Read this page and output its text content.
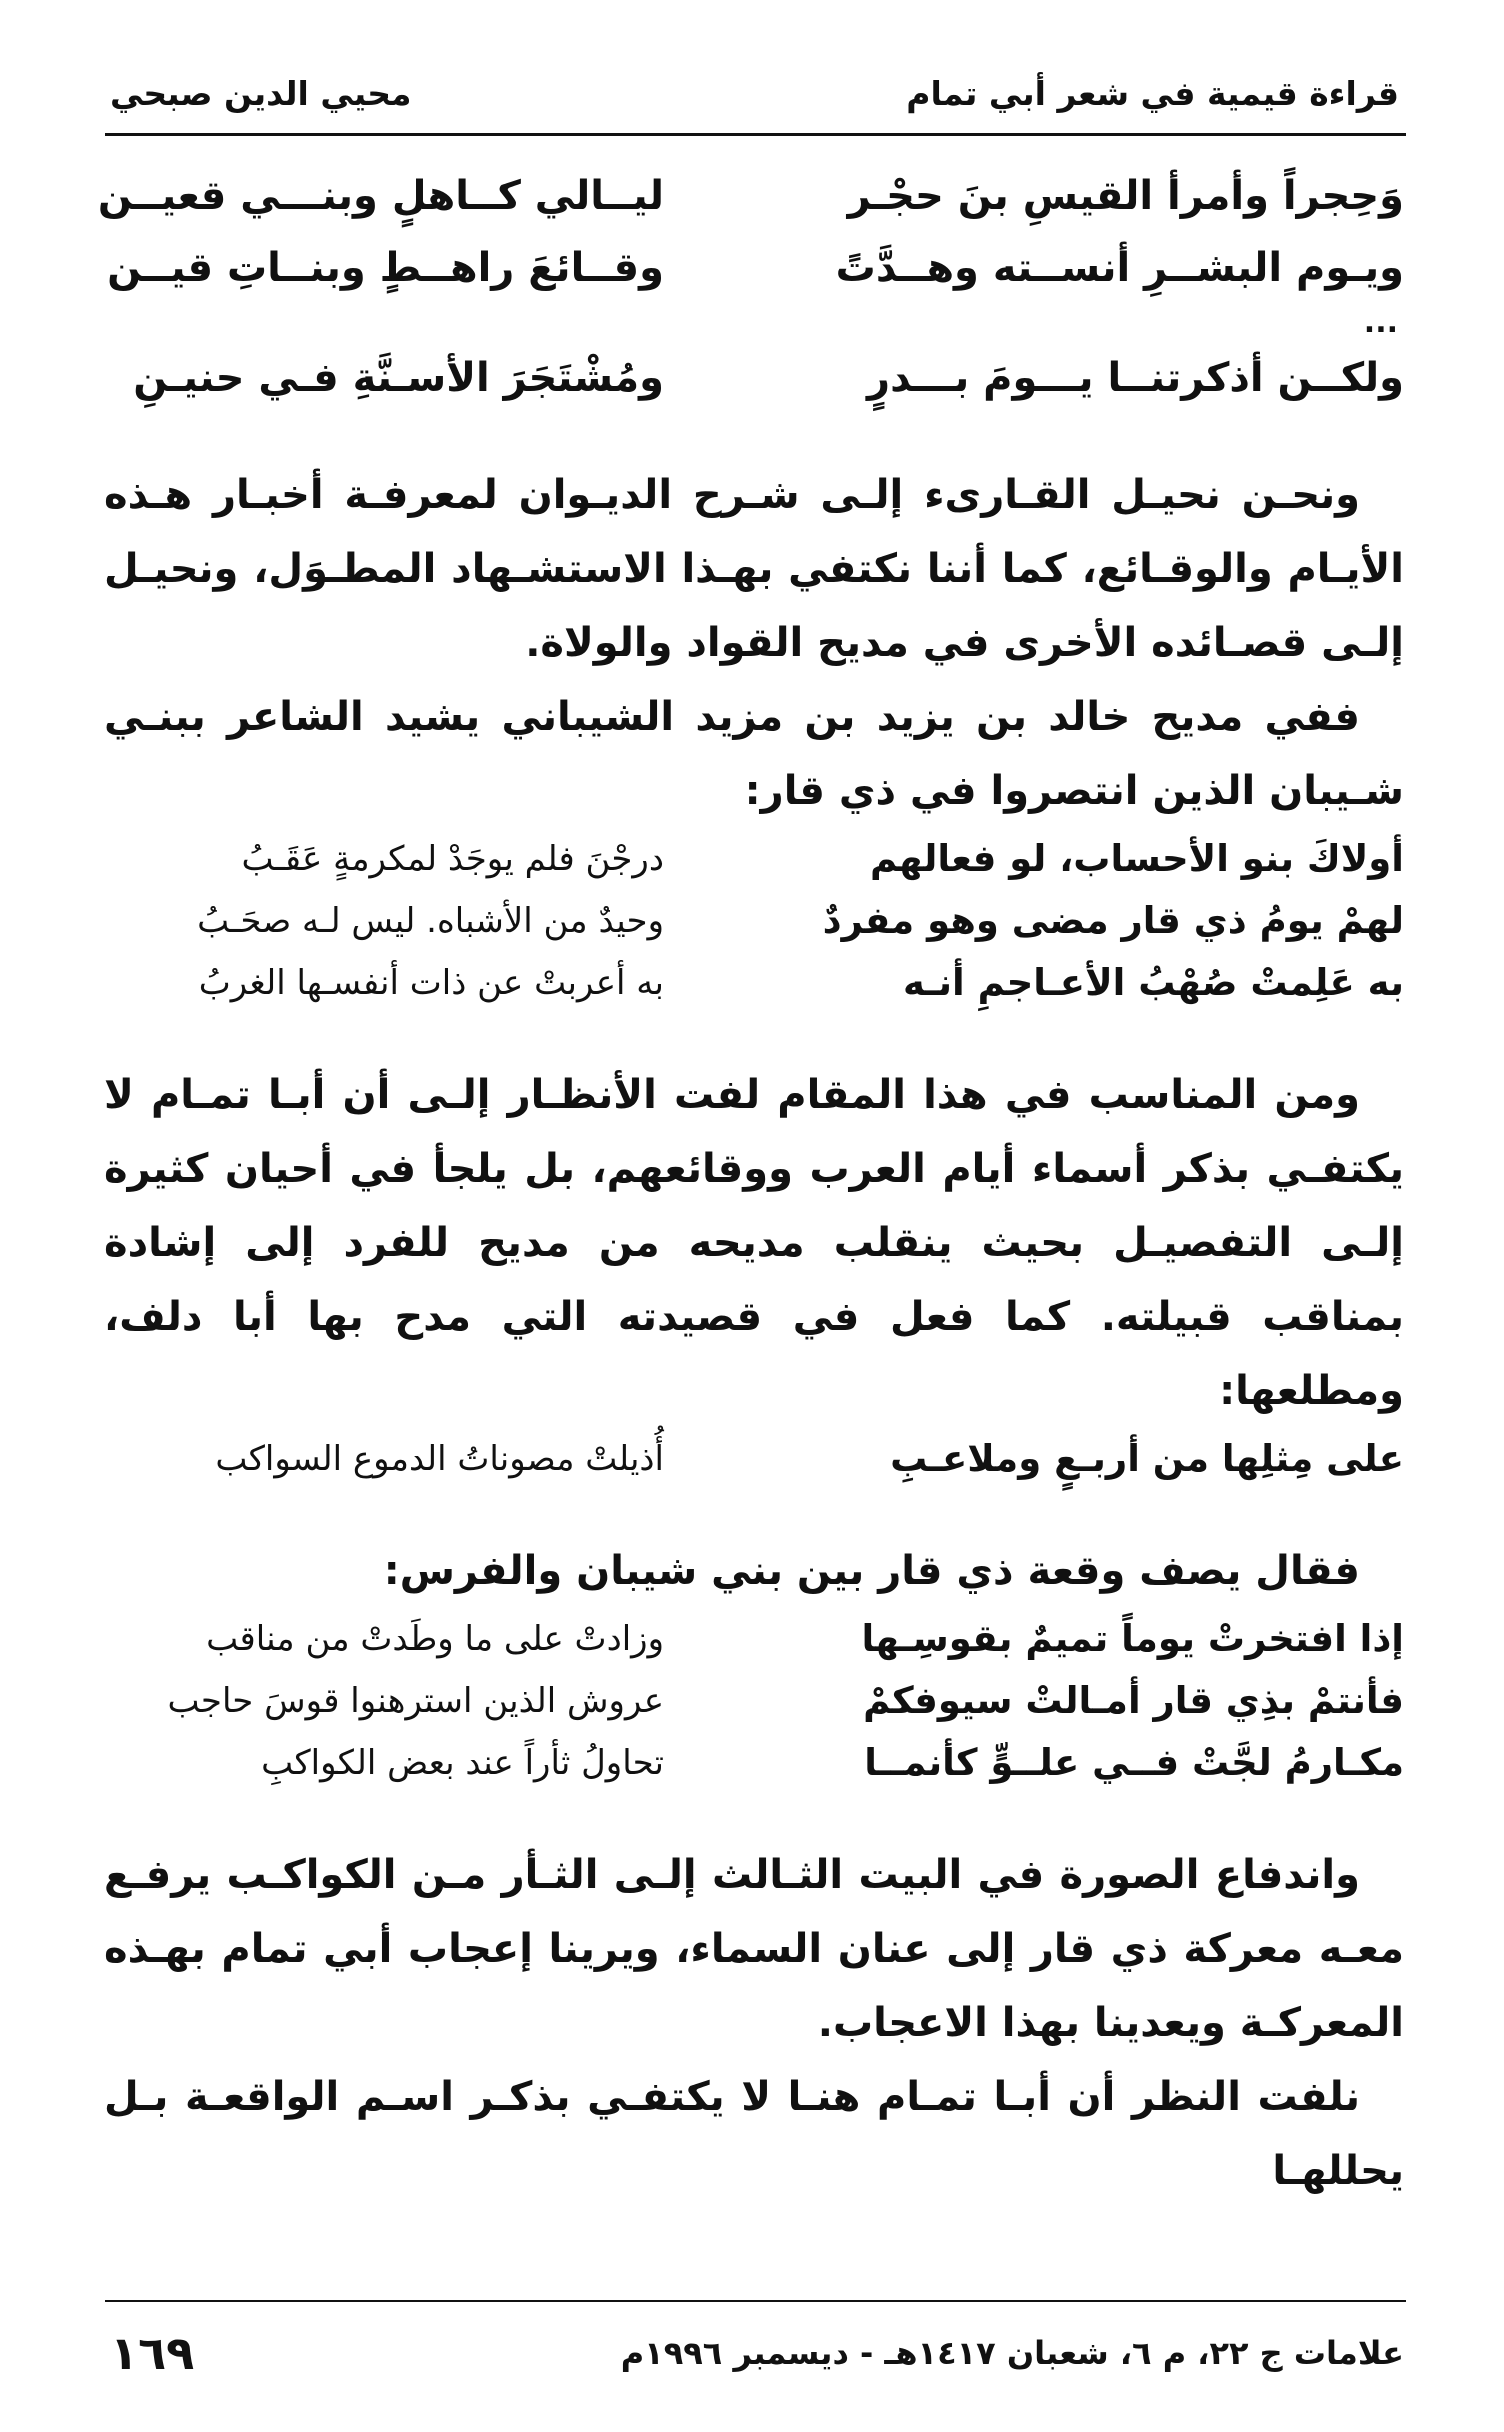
قراءة قيمية في شعر أبي تمام
محيي الدين صبحي
وَحِجراً وأمرأ القيسِ بنَ حجْـر
ليــالي كــاهلٍ وبنـــي قعيــن
ويـوم البشــرِ أنســته وهــدَّتً
وقــائعَ راهــطٍ وبنــاتِ قيــن
...
ولكــن أذكرتنــا يـــومَ بـــدرٍ
ومُشْتَجَرَ الأسـنَّةِ فـي حنيـنِ

ونحـن نحيـل القـارىء إلـى شـرح الديـوان لمعرفـة أخبـار هـذه الأيـام والوقـائع، كما أننا نكتفي بهـذا الاستشـهاد المطـوَل، ونحيـل إلـى قصـائده الأخرى في مديح القواد والولاة.

ففي مديح خالد بن يزيد بن مزيد الشيباني يشيد الشاعر ببنـي شـيبان الذين انتصروا في ذي قار:

أولاكَ بنو الأحساب، لو فعالهم
درجْنَ فلم يوجَدْ لمكرمةٍ عَقَـبُ
لهمْ يومُ ذي قار مضى وهو مفردٌ
وحيدٌ من الأشباه. ليس لـه صحَـبُ
به عَلِمتْ صُهْبُ الأعـاجمِ أنـه
به أعربتْ عن ذات أنفسـها الغربُ

ومن المناسب في هذا المقام لفت الأنظـار إلـى أن أبـا تمـام لا يكتفـي بذكر أسماء أيام العرب ووقائعهم، بل يلجأ في أحيان كثيرة إلـى التفصيـل بحيث ينقلب مديحه من مديح للفرد إلى إشادة بمناقب قبيلته. كما فعل في قصيدته التي مدح بها أبا دلف، ومطلعها:

على مِثلِها من أربـعٍ وملاعـبِ
أُذيلتْ مصوناتُ الدموع السواكب

فقال يصف وقعة ذي قار بين بني شيبان والفرس:

إذا افتخرتْ يوماً تميمٌ بقوسِـها
وزادتْ على ما وطَدتْ من مناقب
فأنتمْ بذِي قار أمـالتْ سيوفكمْ
عروش الذين استرهنوا قوسَ حاجب
مكـارمُ لجَّتْ فــي علــوٍّ كأنمــا
تحاولُ ثأراً عند بعض الكواكبِ

واندفاع الصورة في البيت الثـالث إلـى الثـأر مـن الكواكـب يرفـع معـه معركة ذي قار إلى عنان السماء، ويرينا إعجاب أبي تمام بهـذه المعركـة ويعدينا بهذا الاعجاب.

نلفت النظر أن أبـا تمـام هنـا لا يكتفـي بذكـر اسـم الواقعـة بـل يحللهـا

علامات ج ٢٢، م ٦، شعبان ١٤١٧هـ - ديسمبر ١٩٩٦م
١٦٩
